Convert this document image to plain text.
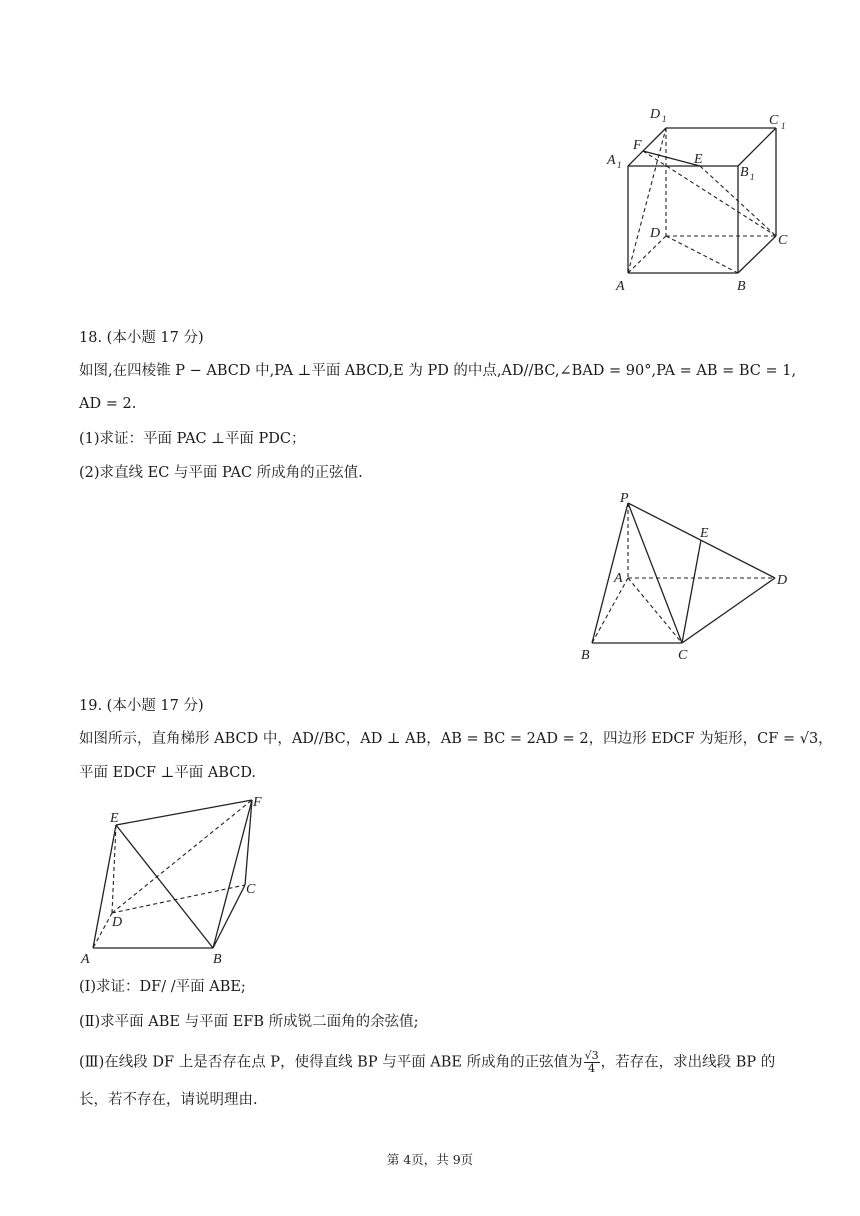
D 1	C 1
A 1	B 1
F
E
D	C
A	B
18. (本小题 17 分)
如图,在四棱锥 P − ABCD 中,PA ⊥平面 ABCD,E 为 PD 的中点,AD//BC,∠BAD = 90°,PA = AB = BC = 1,
AD = 2.
(1)求证：平面 PAC ⊥平面 PDC；
(2)求直线 EC 与平面 PAC 所成角的正弦值.
P
E
A	D
B	C
19. (本小题 17 分)
如图所示，直角梯形 ABCD 中，AD//BC，AD ⊥ AB，AB = BC = 2AD = 2，四边形 EDCF 为矩形，CF = √3，
平面 EDCF ⊥平面 ABCD.
E
F
C
D
A	B
(Ⅰ)求证：DF/ /平面 ABE;
(Ⅱ)求平面 ABE 与平面 EFB 所成锐二面角的余弦值;
(Ⅲ)在线段 DF 上是否存在点 P，使得直线 BP 与平面 ABE 所成角的正弦值为 $\frac{√3}{4}$ ，若存在，求出线段 BP 的
长，若不存在，请说明理由.
第 4页，共 9页
